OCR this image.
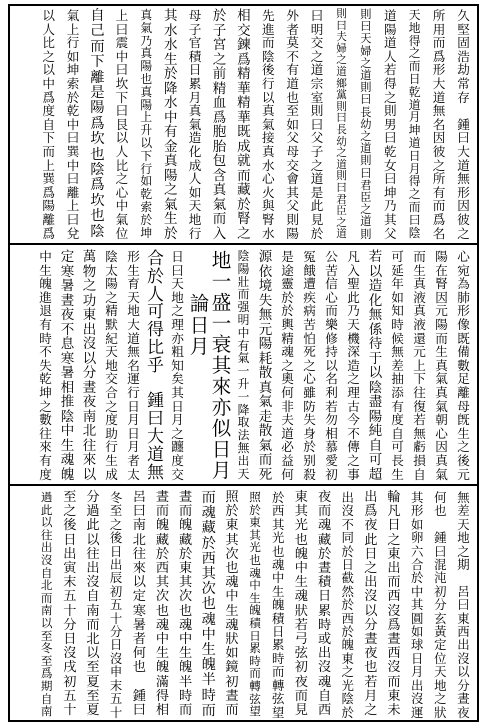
久
堅
固
浩
劫
常
存

鍾
曰
大
道
無
形
因
彼
之
所
用
而
爲
形
大
道
無
名
因
彼
之
所
有
而
爲
名
天
地
得
之
而
日
乾
道
月
坤
道
日
月
得
之
而
曰
陰
道
陽
道
人
若
得
之
則
男
曰
乾
女
曰
坤
乃
其
父
則
曰
天
婦
之
道
則
曰
長
幼
之
道
則
曰
君
臣
之
道
則
則
曰
夫
婦
之
道
鄉
黨
則
曰
長
幼
之
道
則
曰
君
臣
之
道
曰
明
交
之
道
宗
室
則
曰
父
子
之
道
是
此
見
於
外
者
莫
不
有
道
也
至
如
父
母
交
會
其
父
則
陽
先
進
而
陰
後
行
以
真
氣
接
真
水
心
火
與
腎
水
相
交
鍊
爲
精
華
精
華
既
成
就
而
藏
於
腎
之
於
子
宮
之
前
精
血
爲
胞
胎
包
含
真
氣
而
入
母
子
官
積
日
累
月
真
氣
造
化
成
人
如
天
地
行
其
水
水
生
於
降
水
中
有
金
真
陽
之
氣
生
於
真
氣
乃
真
陽
也
真
陽
上
升
以
下
行
如
乾
索
於
坤
上
曰
震
中
曰
坎
下
曰
艮
以
人
比
之
心
中
氣
位
自
己
而
下
離
是
陽
爲
坎
也
陰
爲
坎
也
陰
氣
上
行
如
坤
索
於
乾
中
曰
巽
中
曰
離
上
曰
兌
以
人
比
之
以
中
爲
度
自
下
而
上
巽
爲
陽
離
爲
心
宛
為
肺
形
像
既
備
數
足
離
母
旣
生
之
後
元
陽
在
腎
因
元
陽
而
生
真
氣
真
氣
朝
心
因
真
氣
而
生
真
液
真
液
還
元
上
下
往
復
若
無
虧
損
自
可
延
年
如
知
時
候
無
差
抽
添
有
度
自
可
長
生
若
以
造
化
無
係
待
于
以
陰
盡
陽
純
自
可
超
凡
入
聖
此
乃
天
機
深
造
之
理
古
今
不
傳
之
事
公
苦
信
心
而
樂
修
持
以
名
利
若
勿
相
慕
愛
初
冤
餓
遭
疾
病
苦
怕
死
之
心
雖
防
失
身
於
别
殺
是
途
靈
於
於
輿
精
魂
之
奧
何
非
夫
道
必
益
何
源
依
境
失
無
元
陽
耗
散
真
氣
走
散
氣
而
死
陰
陽
壯
而
强
明
中
有
氣
一
升
一
降
取
法
無
出
天
地
一
盛
一
衰
其
來
亦
似
日
月

論
日
月
日
曰
天
地
之
理
亦
粗
知
矣
其
日
月
之
躔
度
交
合
於
人
可
得
比
乎

鍾
曰
大
道
無
形
生
育
天
地
大
道
無
名
運
行
日
月
日
月
者
太
陰
太
陽
之
精
默
紀
天
地
交
合
之
度
助
行
生
成
萬
物
之
功
東
出
沒
以
分
晝
夜
南
北
往
來
以
定
寒
暑
晝
夜
不
息
寒
暑
相
推
陰
中
生
魂
魄
中
生
魄
進
退
有
時
不
失
乾
坤
之
數
往
來
有
度
無
差
天
地
之
期

呂
曰
東
西
出
沒
以
分
晝
夜
何
也

鍾
曰
混
沌
初
分
玄
黃
定
位
天
地
之
狀
其
形
如
卵
六
合
於
中
其
圓
如
球
日
月
出
沒
運
輪
凡
日
之
東
出
而
西
沒
爲
晝
西
沒
而
東
未
出
爲
夜
此
日
之
出
沒
以
分
晝
夜
也
若
月
之
出
沒
不
同
於
日
截
然
於
西
於
魄
東
之
光
陰
於
夜
而
魂
藏
於
晝
積
日
累
時
或
出
沒
魂
自
西
東
其
光
也
魄
中
生
魂
狀
若
弓
弦
初
夜
而
見
於
西
其
光
也
魂
中
生
魄
積
日
累
時
而
轉
弦
望
照
於
東
其
光
也
魂
中
生
魄
積
日
累
時
而
轉
弦
望
照
於
東
其
次
也
魂
中
生
魂
狀
如
鏡
初
晝
而
而
魂
藏
於
西
其
次
也
魂
中
生
魄
半
時
而
晝
而
魄
藏
於
東
其
次
也
魂
中
生
魄
半
時
而
晝
而
魄
藏
於
西
其
次
也
魂
中
生
魄
滿
得
相
呂
曰
南
北
往
來
以
定
寒
暑
者
何
也

鍾
曰
冬
至
之
後
日
出
辰
初
五
十
分
日
沒
申
末
五
十
分
過
此
以
往
出
沒
自
南
而
北
以
至
夏
至
夏
至
之
後
日
出
寅
末
五
十
分
日
沒
戌
初
五
十
過
此
以
往
出
沒
自
北
而
南
以
至
冬
至
爲
期
自
南
